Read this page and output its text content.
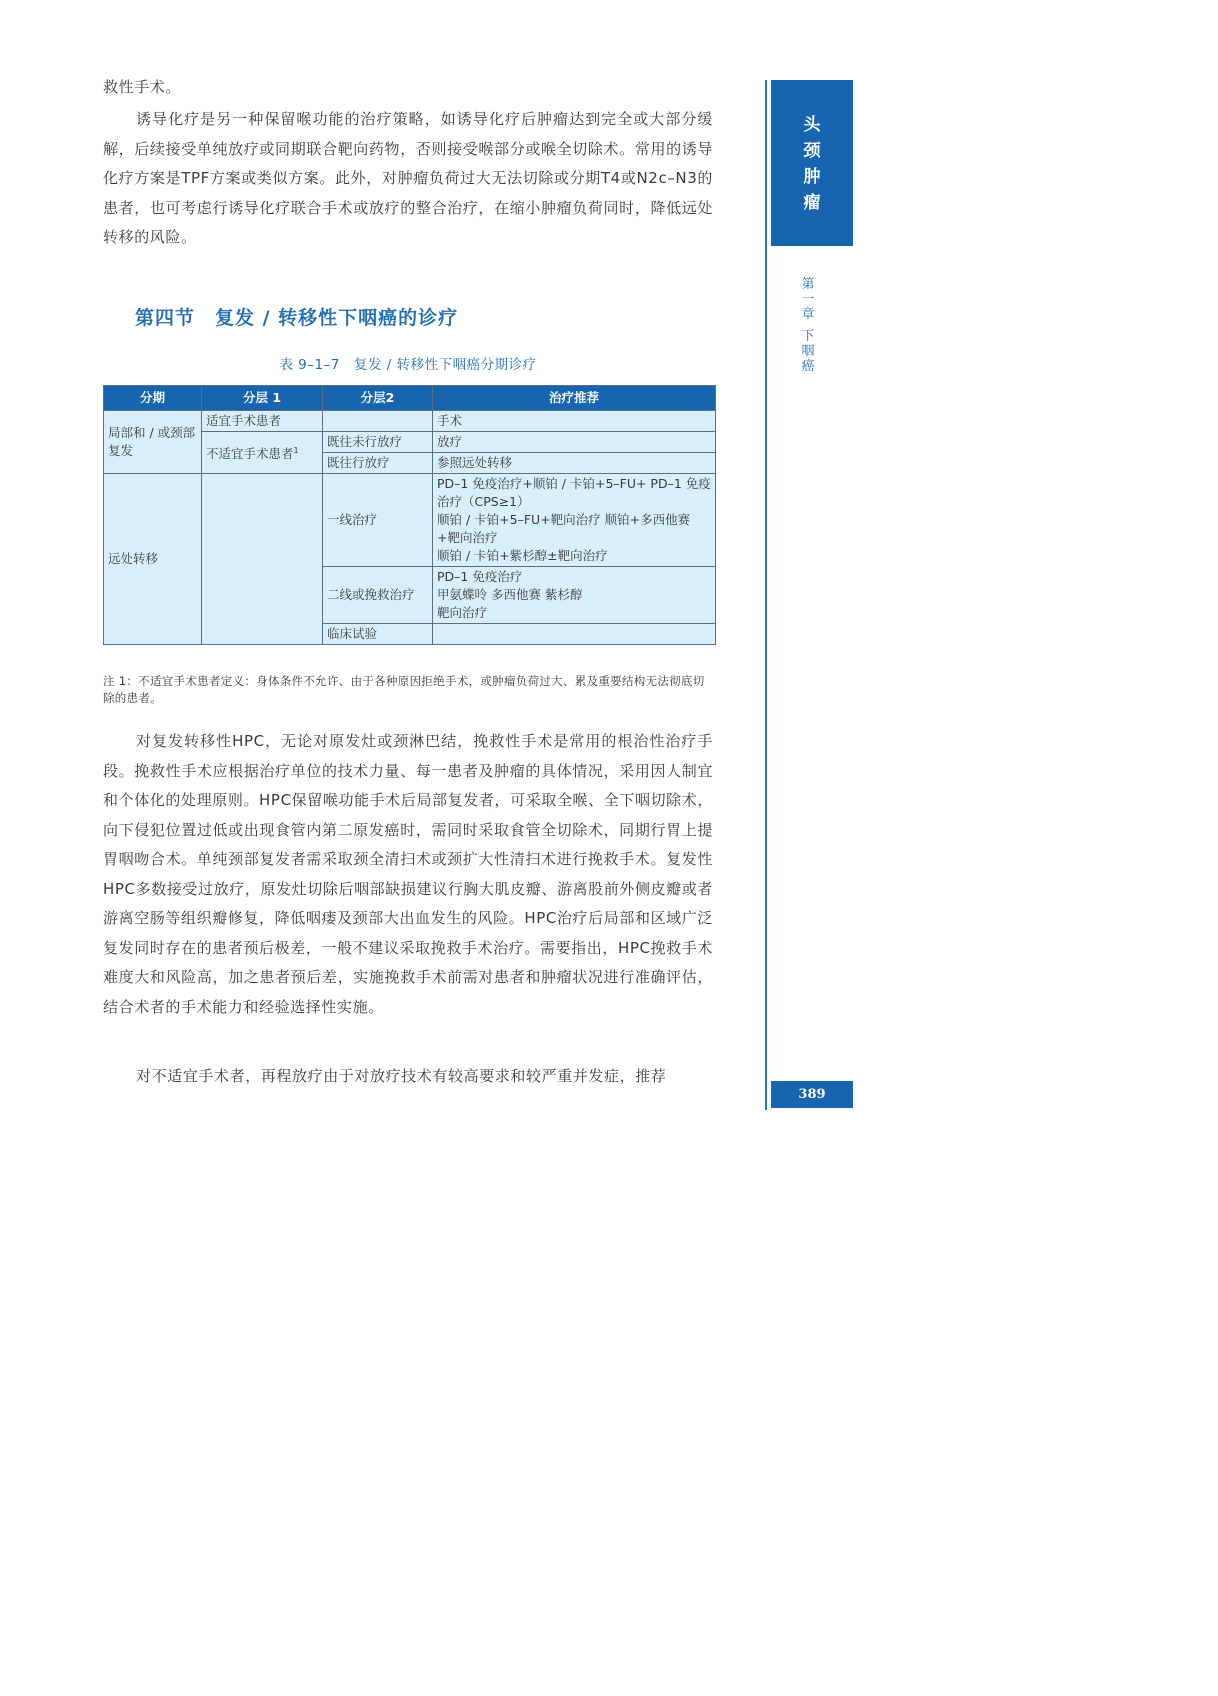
救性手术。
诱导化疗是另一种保留喉功能的治疗策略，如诱导化疗后肿瘤达到完全或大部分缓解，后续接受单纯放疗或同期联合靶向药物，否则接受喉部分或喉全切除术。常用的诱导化疗方案是TPF方案或类似方案。此外，对肿瘤负荷过大无法切除或分期T4或N2c–N3的患者，也可考虑行诱导化疗联合手术或放疗的整合治疗，在缩小肿瘤负荷同时，降低远处转移的风险。
第四节　复发 / 转移性下咽癌的诊疗
表 9–1–7　复发 / 转移性下咽癌分期诊疗
分期	分层 1	分层2	治疗推荐
局部和 / 或颈部复发	适宜手术患者		手术
	不适宜手术患者$^1$	既往未行放疗	放疗
		既往行放疗	参照远处转移
远处转移		一线治疗	PD–1 免疫治疗+顺铂 / 卡铂+5–FU+ PD–1 免疫治疗（CPS≥1）
顺铂 / 卡铂+5–FU+靶向治疗 顺铂+多西他赛+靶向治疗
顺铂 / 卡铂+紫杉醇±靶向治疗

		二线或挽救治疗	PD–1 免疫治疗
甲氨蝶呤 多西他赛 紫杉醇
靶向治疗

		临床试验	
注 1：不适宜手术患者定义：身体条件不允许、由于各种原因拒绝手术，或肿瘤负荷过大、累及重要结构无法彻底切除的患者。
对复发转移性HPC，无论对原发灶或颈淋巴结，挽救性手术是常用的根治性治疗手段。挽救性手术应根据治疗单位的技术力量、每一患者及肿瘤的具体情况，采用因人制宜和个体化的处理原则。HPC保留喉功能手术后局部复发者，可采取全喉、全下咽切除术，向下侵犯位置过低或出现食管内第二原发癌时，需同时采取食管全切除术，同期行胃上提胃咽吻合术。单纯颈部复发者需采取颈全清扫术或颈扩大性清扫术进行挽救手术。复发性HPC多数接受过放疗，原发灶切除后咽部缺损建议行胸大肌皮瓣、游离股前外侧皮瓣或者游离空肠等组织瓣修复，降低咽瘘及颈部大出血发生的风险。HPC治疗后局部和区域广泛复发同时存在的患者预后极差，一般不建议采取挽救手术治疗。需要指出，HPC挽救手术难度大和风险高，加之患者预后差，实施挽救手术前需对患者和肿瘤状况进行准确评估，结合术者的手术能力和经验选择性实施。
对不适宜手术者，再程放疗由于对放疗技术有较高要求和较严重并发症，推荐
头
颈
肿
瘤
第
一
章
下
咽
癌
389
